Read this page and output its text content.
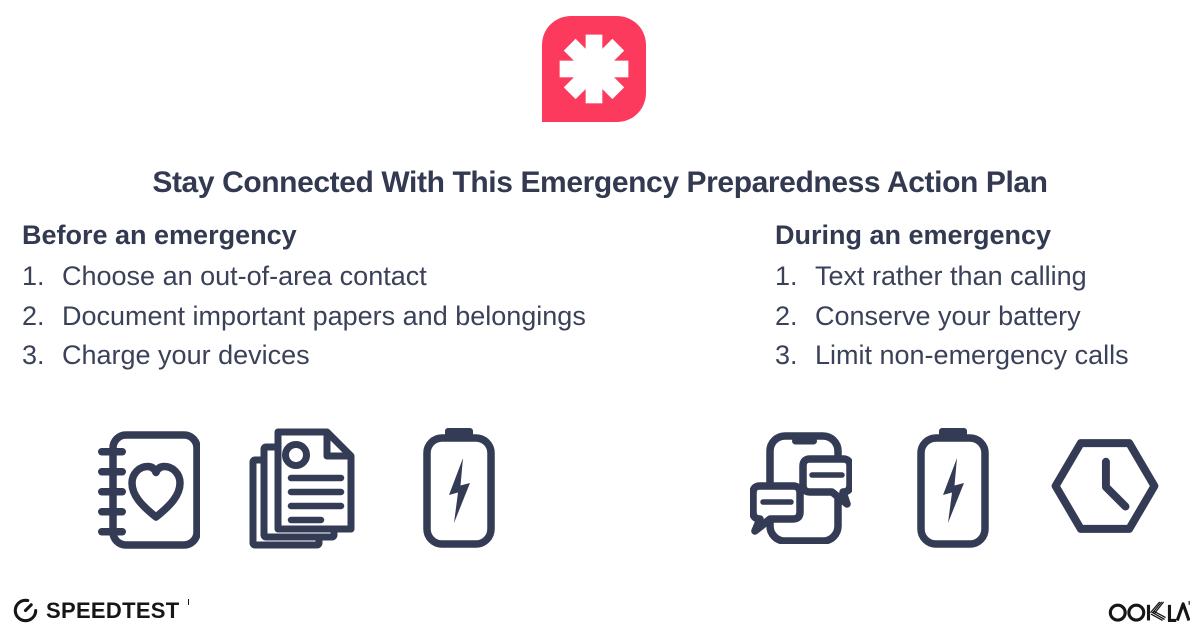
Stay Connected With This Emergency Preparedness Action Plan
Before an emergency
1. Choose an out-of-area contact
2. Document important papers and belongings
3. Charge your devices
During an emergency
1. Text rather than calling
2. Conserve your battery
3. Limit non-emergency calls
SPEEDTEST
